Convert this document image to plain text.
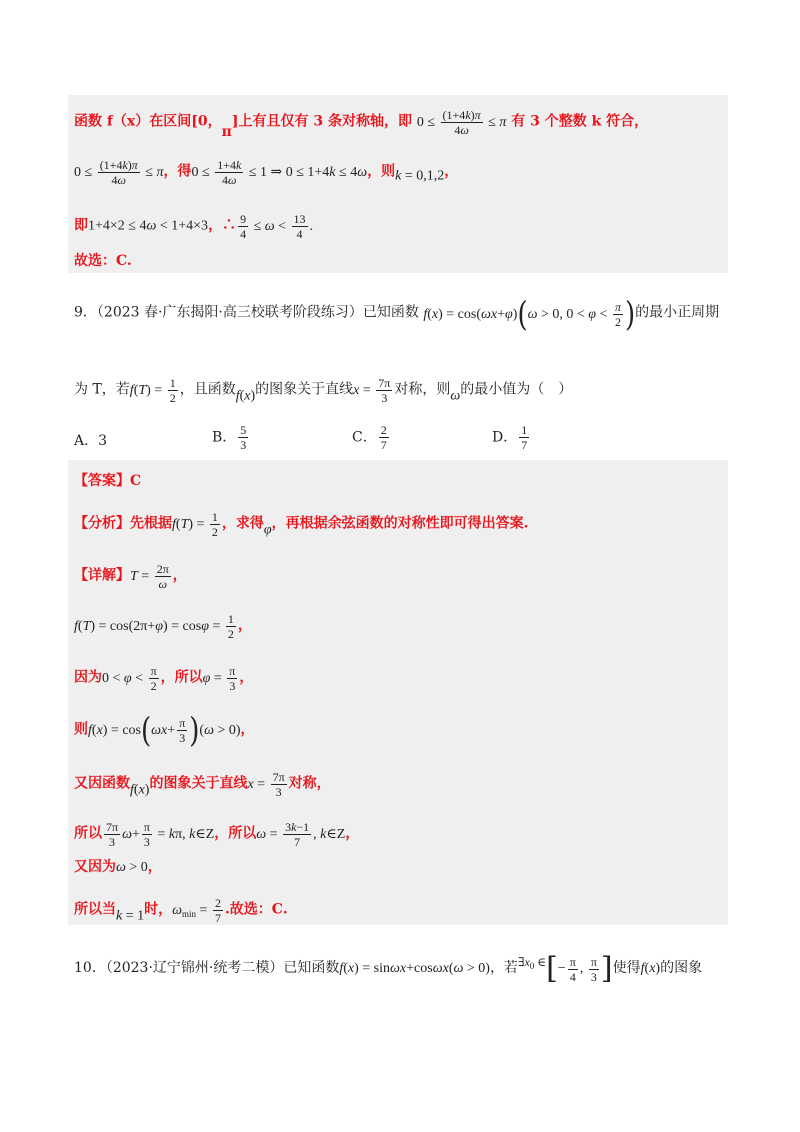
函数 f（x）在区间[0，π]上有且仅有 3 条对称轴，即 $0 \le \frac{(1+4k)\pi}{4\omega} \le \pi$ 有 3 个整数 k 符合，
$0 \le \frac{(1+4k)\pi}{4\omega} \le \pi$，得$0 \le \frac{1+4k}{4\omega} \le 1$ ⇒ 0 ≤ 1+4k ≤ 4ω，则k = 0,1,2，
即1+4×2 ≤ 4ω < 1+4×3，∴ $\frac{9}{4} \le \omega < \frac{13}{4}$ .
故选：C.
9．（2023 春·广东揭阳·高三校联考阶段练习）已知函数 f(x) = cos(ωx+φ)(ω > 0, $0 < \varphi < \frac{\pi}{2}$ )的最小正周期
为 T，若$f(T) = \frac{1}{2}$ ，且函数f(x)的图象关于直线$x = \frac{7\pi}{3}$ 对称，则ω的最小值为（　）
A．3	B． $\frac{5}{3}$	C． $\frac{2}{7}$	D． $\frac{1}{7}$
【答案】C
【分析】先根据$f(T) = \frac{1}{2}$ ，求得φ，再根据余弦函数的对称性即可得出答案.
【详解】$T = \frac{2\pi}{\omega}$ ，
$f(T) = \cos(2\pi+\varphi) = \cos\varphi = \frac{1}{2}$ ，
因为$0 < \varphi < \frac{\pi}{2}$ ，所以$\varphi = \frac{\pi}{3}$ ，
则$f(x) = \cos(\omega x+ \frac{\pi}{3} )(\omega > 0)$，
又因函数f(x)的图象关于直线$x = \frac{7\pi}{3}$ 对称，
所以 $\frac{7\pi}{3} \omega+ \frac{\pi}{3} = k\pi$, k∈Z，所以$\omega = \frac{3k-1}{7}$ , k∈Z，
又因为ω > 0，
所以当k = 1时，$\omega_{min} = \frac{2}{7}$ .故选：C.
10．（2023·辽宁锦州·统考二模）已知函数f(x) = sinωx+cosωx(ω > 0)，若$\exists x_0$ ∈[− $\frac{\pi}{4}$ , $\frac{\pi}{3}$ ]使得f(x)的图象
